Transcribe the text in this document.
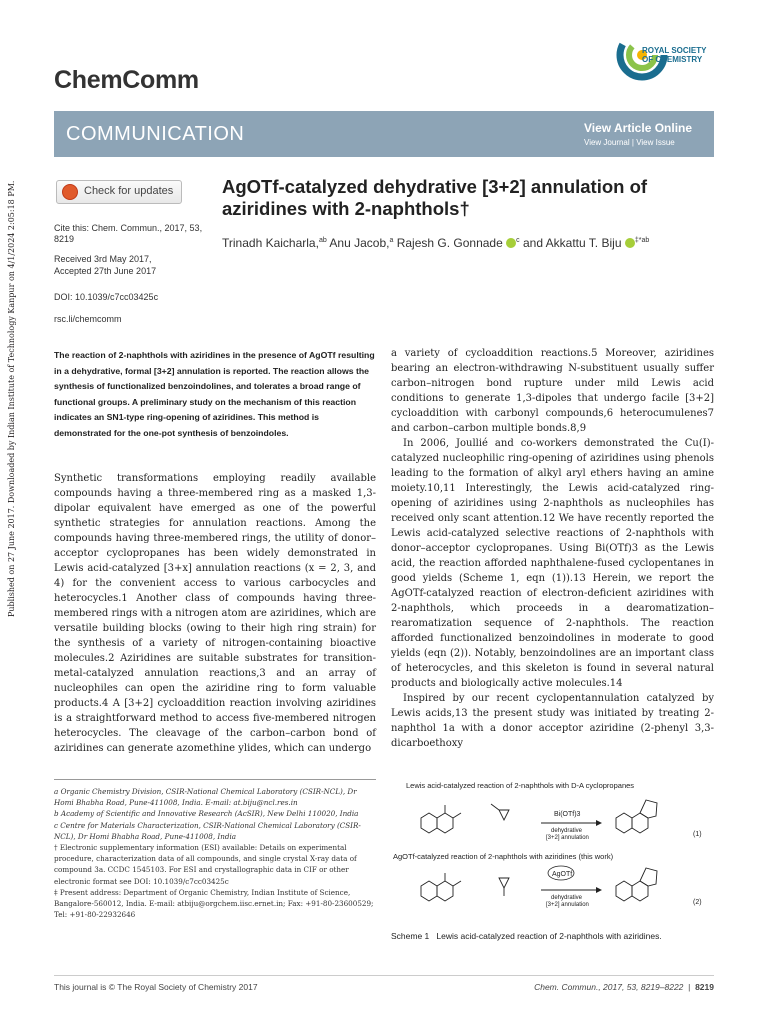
Published on 27 June 2017. Downloaded by Indian Institute of Technology Kanpur on 4/1/2024 2:05:18 PM.
ChemComm
ROYAL SOCIETY
OF CHEMISTRY
COMMUNICATION	View Article Online
View Journal | View Issue
Check for updates
Cite this: Chem. Commun., 2017, 53, 8219
Received 3rd May 2017,
Accepted 27th June 2017
DOI: 10.1039/c7cc03425c
rsc.li/chemcomm
AgOTf-catalyzed dehydrative [3+2] annulation of aziridines with 2-naphthols†
Trinadh Kaicharla,$^{ab}$ Anu Jacob,$^a$ Rajesh G. Gonnade $^c$ and Akkattu T. Biju $^{\ddagger*ab}$
The reaction of 2-naphthols with aziridines in the presence of AgOTf resulting in a dehydrative, formal [3+2] annulation is reported. The reaction allows the synthesis of functionalized benzoindolines, and tolerates a broad range of functional groups. A preliminary study on the mechanism of this reaction indicates an SN1-type ring-opening of aziridines. This method is demonstrated for the one-pot synthesis of benzoindoles.

Synthetic transformations employing readily available compounds having a three-membered ring as a masked 1,3-dipolar equivalent have emerged as one of the powerful synthetic strategies for annulation reactions. Among the compounds having three-membered rings, the utility of donor–acceptor cyclopropanes has been widely demonstrated in Lewis acid-catalyzed [3+x] annulation reactions (x = 2, 3, and 4) for the convenient access to various carbocycles and heterocycles.1 Another class of compounds having three-membered rings with a nitrogen atom are aziridines, which are versatile building blocks (owing to their high ring strain) for the synthesis of a variety of nitrogen-containing bioactive molecules.2 Aziridines are suitable substrates for transition-metal-catalyzed annulation reactions,3 and an array of nucleophiles can open the aziridine ring to form valuable products.4 A [3+2] cycloaddition reaction involving aziridines is a straightforward method to access five-membered nitrogen heterocycles. The cleavage of the carbon–carbon bond of aziridines can generate azomethine ylides, which can undergo

a variety of cycloaddition reactions.5 Moreover, aziridines bearing an electron-withdrawing N-substituent usually suffer carbon–nitrogen bond rupture under mild Lewis acid conditions to generate 1,3-dipoles that undergo facile [3+2] cycloaddition with carbonyl compounds,6 heterocumulenes7 and carbon–carbon multiple bonds.8,9

In 2006, Joullié and co-workers demonstrated the Cu(I)-catalyzed nucleophilic ring-opening of aziridines using phenols leading to the formation of alkyl aryl ethers having an amine moiety.10,11 Interestingly, the Lewis acid-catalyzed ring-opening of aziridines using 2-naphthols as nucleophiles has received only scant attention.12 We have recently reported the Lewis acid-catalyzed selective reactions of 2-naphthols with donor–acceptor cyclopropanes. Using Bi(OTf)3 as the Lewis acid, the reaction afforded naphthalene-fused cyclopentanes in good yields (Scheme 1, eqn (1)).13 Herein, we report the AgOTf-catalyzed reaction of electron-deficient aziridines with 2-naphthols, which proceeds in a dearomatization–rearomatization sequence of 2-naphthols. The reaction afforded functionalized benzoindolines in moderate to good yields (eqn (2)). Notably, benzoindolines are an important class of heterocycles, and this skeleton is found in several natural products and biologically active molecules.14

Inspired by our recent cyclopentannulation catalyzed by Lewis acids,13 the present study was initiated by treating 2-naphthol 1a with a donor acceptor aziridine (2-phenyl 3,3-dicarboethoxy

a Organic Chemistry Division, CSIR-National Chemical Laboratory (CSIR-NCL), Dr Homi Bhabha Road, Pune-411008, India. E-mail: at.biju@ncl.res.in

b Academy of Scientific and Innovative Research (AcSIR), New Delhi 110020, India

c Centre for Materials Characterization, CSIR-National Chemical Laboratory (CSIR-NCL), Dr Homi Bhabha Road, Pune-411008, India

† Electronic supplementary information (ESI) available: Details on experimental procedure, characterization data of all compounds, and single crystal X-ray data of compound 3a. CCDC 1545103. For ESI and crystallographic data in CIF or other electronic format see DOI: 10.1039/c7cc03425c

‡ Present address: Department of Organic Chemistry, Indian Institute of Science, Bangalore-560012, India. E-mail: atbiju@orgchem.iisc.ernet.in; Fax: +91-80-23600529; Tel: +91-80-22932646

Lewis acid-catalyzed reaction of 2-naphthols with D-A cyclopropanes
Bi(OTf)3
dehydrative
[3+2] annulation	(1)
AgOTf-catalyzed reaction of 2-naphthols with aziridines (this work)
AgOTf
dehydrative
[3+2] annulation	(2)
Scheme 1 Lewis acid-catalyzed reaction of 2-naphthols with aziridines.
This journal is © The Royal Society of Chemistry 2017	Chem. Commun., 2017, 53, 8219–8222  |  8219
